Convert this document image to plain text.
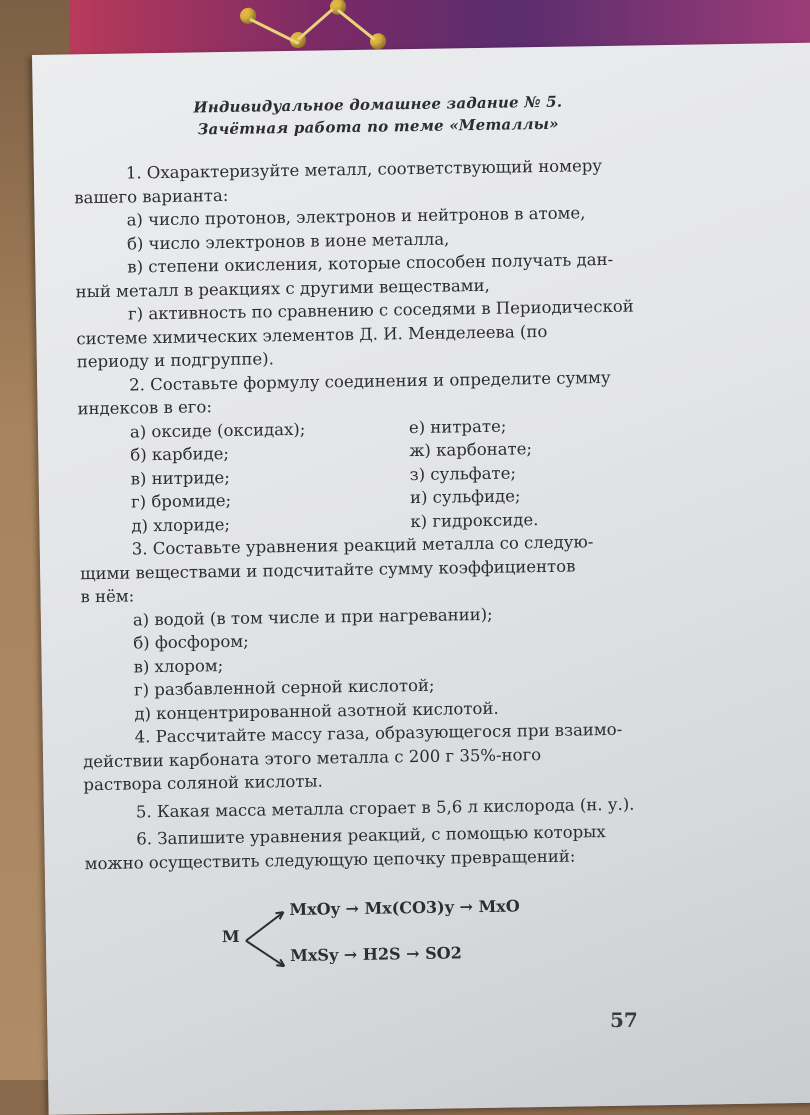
Индивидуальное домашнее задание № 5.
Зачётная работа по теме «Металлы»

1. Охарактеризуйте металл, соответствующий номеру

вашего варианта:

а) число протонов, электронов и нейтронов в атоме,

б) число электронов в ионе металла,

в) степени окисления, которые способен получать дан-

ный металл в реакциях с другими веществами,

г) активность по сравнению с соседями в Периодической

системе химических элементов Д. И. Менделеева (по

периоду и подгруппе).

2. Составьте формулу соединения и определите сумму

индексов в его:

а) оксиде (оксидах);

б) карбиде;

в) нитриде;

г) бромиде;

д) хлориде;

е) нитрате;

ж) карбонате;

з) сульфате;

и) сульфиде;

к) гидроксиде.

3. Составьте уравнения реакций металла со следую-

щими веществами и подсчитайте сумму коэффициентов

в нём:

а) водой (в том числе и при нагревании);

б) фосфором;

в) хлором;

г) разбавленной серной кислотой;

д) концентрированной азотной кислотой.

4. Рассчитайте массу газа, образующегося при взаимо-

действии карбоната этого металла с 200 г 35%-ного

раствора соляной кислоты.

5. Какая масса металла сгорает в 5,6 л кислорода (н. у.).

6. Запишите уравнения реакций, с помощью которых

можно осуществить следующую цепочку превращений:

M
MxOy → Mx(CO3)y → MxO
MxSy → H2S → SO2
57
